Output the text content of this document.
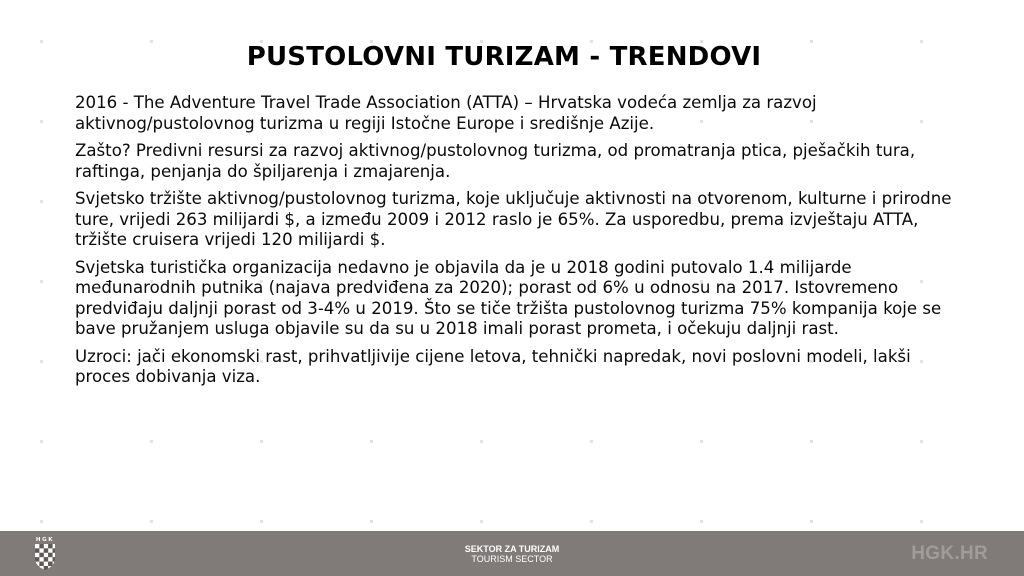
PUSTOLOVNI TURIZAM - TRENDOVI

2016 - The Adventure Travel Trade Association (ATTA) – Hrvatska vodeća zemlja za razvoj aktivnog/pustolovnog turizma u regiji Istočne Europe i središnje Azije.

Zašto? Predivni resursi za razvoj aktivnog/pustolovnog turizma, od promatranja ptica, pješačkih tura, raftinga, penjanja do špiljarenja i zmajarenja.

Svjetsko tržište aktivnog/pustolovnog turizma, koje uključuje aktivnosti na otvorenom, kulturne i prirodne ture, vrijedi 263 milijardi $, a između 2009 i 2012 raslo je 65%. Za usporedbu, prema izvještaju ATTA, tržište cruisera vrijedi 120 milijardi $.

Svjetska turistička organizacija nedavno je objavila da je u 2018 godini putovalo 1.4 milijarde međunarodnih putnika (najava predviđena za 2020); porast od 6% u odnosu na 2017. Istovremeno predviđaju daljnji porast od 3-4% u 2019. Što se tiče tržišta pustolovnog turizma 75% kompanija koje se bave pružanjem usluga objavile su da su u 2018 imali porast prometa, i očekuju daljnji rast.

Uzroci: jači ekonomski rast, prihvatljivije cijene letova, tehnički napredak, novi poslovni modeli, lakši proces dobivanja viza.

HGK
SEKTOR ZA TURIZAM
TOURISM SECTOR	HGK.HR
